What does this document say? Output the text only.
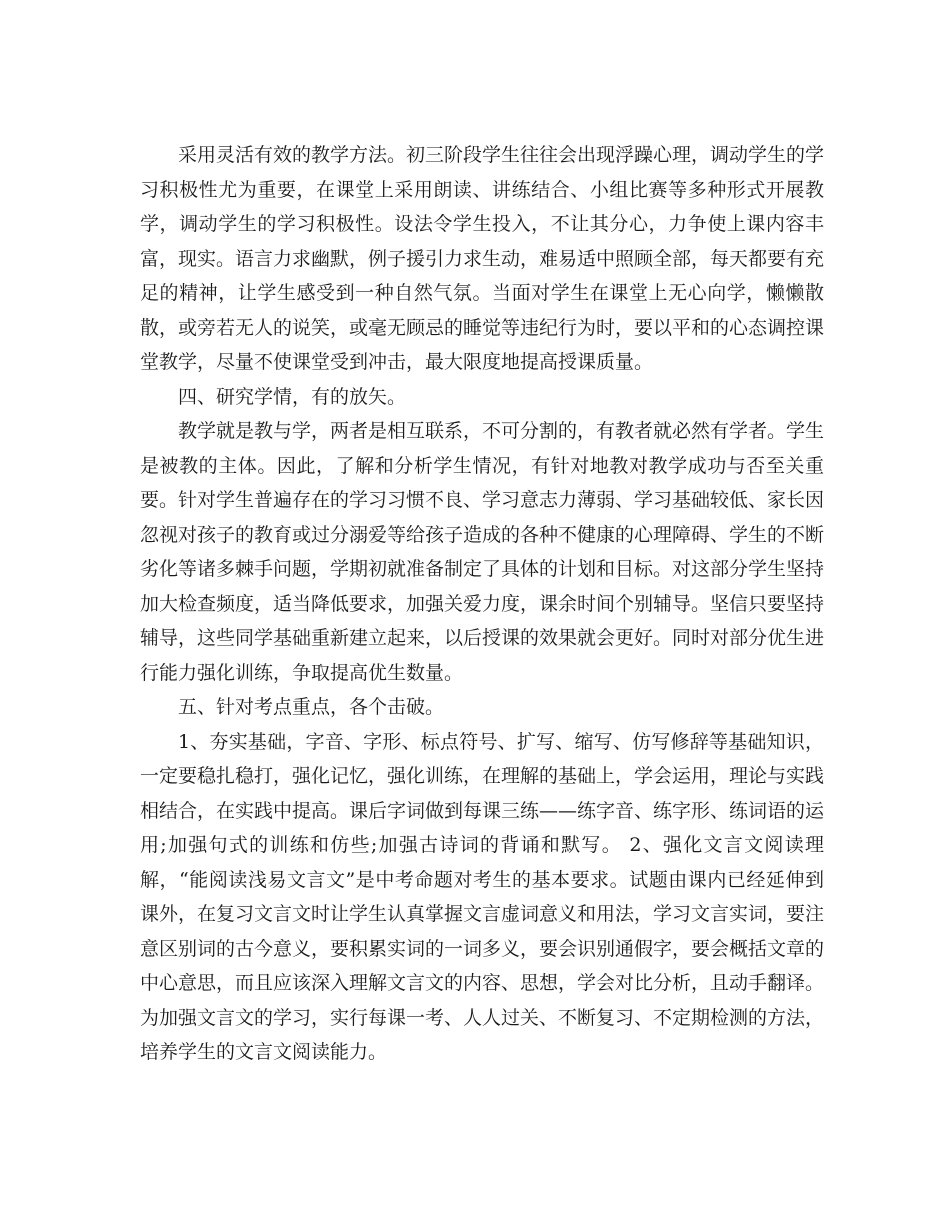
采用灵活有效的教学方法。初三阶段学生往往会出现浮躁心理，调动学生的学习积极性尤为重要，在课堂上采用朗读、讲练结合、小组比赛等多种形式开展教学，调动学生的学习积极性。设法令学生投入，不让其分心，力争使上课内容丰富，现实。语言力求幽默，例子援引力求生动，难易适中照顾全部，每天都要有充足的精神，让学生感受到一种自然气氛。当面对学生在课堂上无心向学，懒懒散散，或旁若无人的说笑，或毫无顾忌的睡觉等违纪行为时，要以平和的心态调控课堂教学，尽量不使课堂受到冲击，最大限度地提高授课质量。

四、研究学情，有的放矢。

教学就是教与学，两者是相互联系，不可分割的，有教者就必然有学者。学生是被教的主体。因此，了解和分析学生情况，有针对地教对教学成功与否至关重要。针对学生普遍存在的学习习惯不良、学习意志力薄弱、学习基础较低、家长因忽视对孩子的教育或过分溺爱等给孩子造成的各种不健康的心理障碍、学生的不断劣化等诸多棘手问题，学期初就准备制定了具体的计划和目标。对这部分学生坚持加大检查频度，适当降低要求，加强关爱力度，课余时间个别辅导。坚信只要坚持辅导，这些同学基础重新建立起来，以后授课的效果就会更好。同时对部分优生进行能力强化训练，争取提高优生数量。

五、针对考点重点，各个击破。

1、夯实基础，字音、字形、标点符号、扩写、缩写、仿写修辞等基础知识，一定要稳扎稳打，强化记忆，强化训练，在理解的基础上，学会运用，理论与实践相结合，在实践中提高。课后字词做到每课三练——练字音、练字形、练词语的运用;加强句式的训练和仿些;加强古诗词的背诵和默写。 2、强化文言文阅读理解，“能阅读浅易文言文”是中考命题对考生的基本要求。试题由课内已经延伸到课外，在复习文言文时让学生认真掌握文言虚词意义和用法，学习文言实词，要注意区别词的古今意义，要积累实词的一词多义，要会识别通假字，要会概括文章的中心意思，而且应该深入理解文言文的内容、思想，学会对比分析，且动手翻译。为加强文言文的学习，实行每课一考、人人过关、不断复习、不定期检测的方法，培养学生的文言文阅读能力。
